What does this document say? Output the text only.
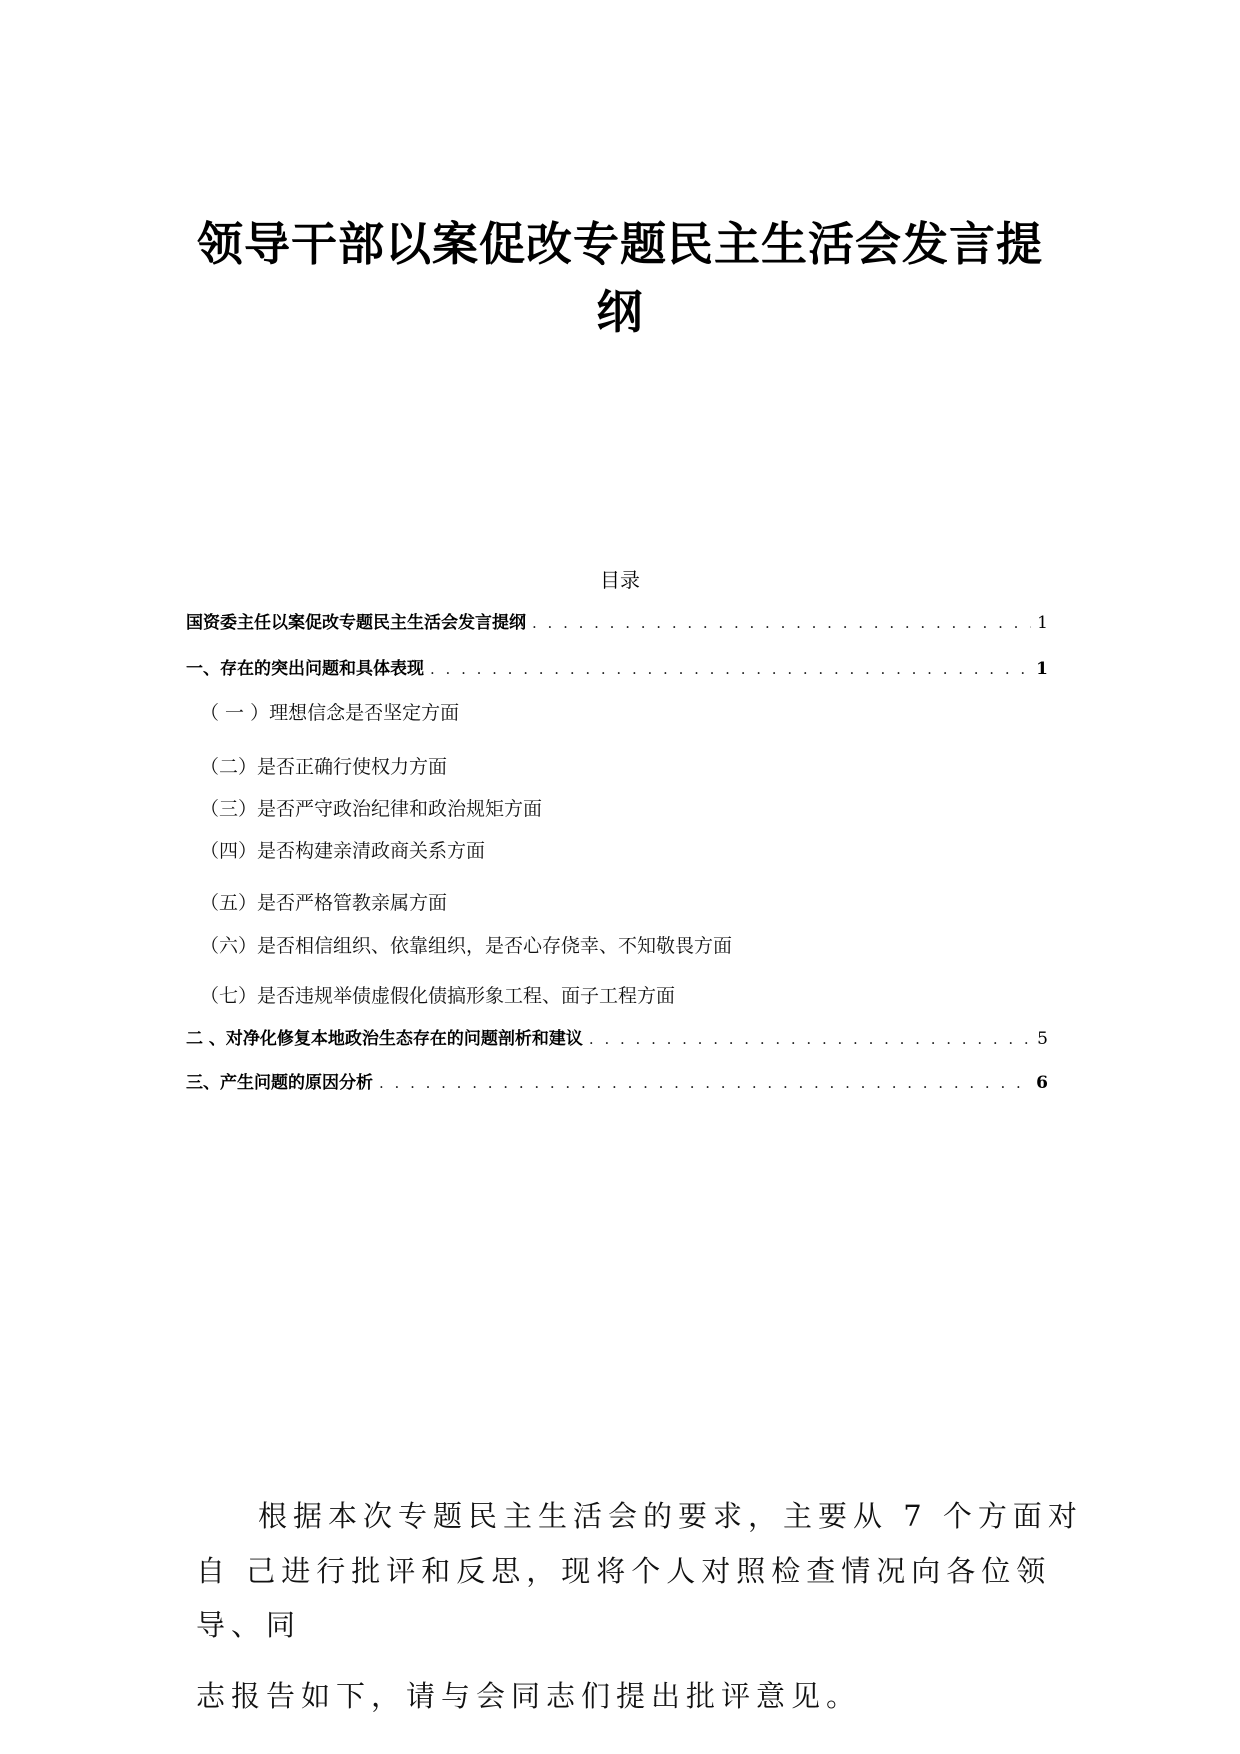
领导干部以案促改专题民主生活会发言提
纲
目录
国资委主任以案促改专题民主生活会发言提纲 . . .	1
一、存在的突出问题和具体表现 . . .	1
二 、对净化修复本地政治生态存在的问题剖析和建议 . . .	5
三、产生问题的原因分析 . . .	6
（ 一 ）理想信念是否坚定方面
（二）是否正确行使权力方面
（三）是否严守政治纪律和政治规矩方面
（四）是否构建亲清政商关系方面
（五）是否严格管教亲属方面
（六）是否相信组织、依靠组织，是否心存侥幸、不知敬畏方面
（七）是否违规举债虚假化债搞形象工程、面子工程方面
根据本次专题民主生活会的要求，主要从 7 个方面对
自 己进行批评和反思，现将个人对照检查情况向各位领
导、同
志报告如下，请与会同志们提出批评意见。
